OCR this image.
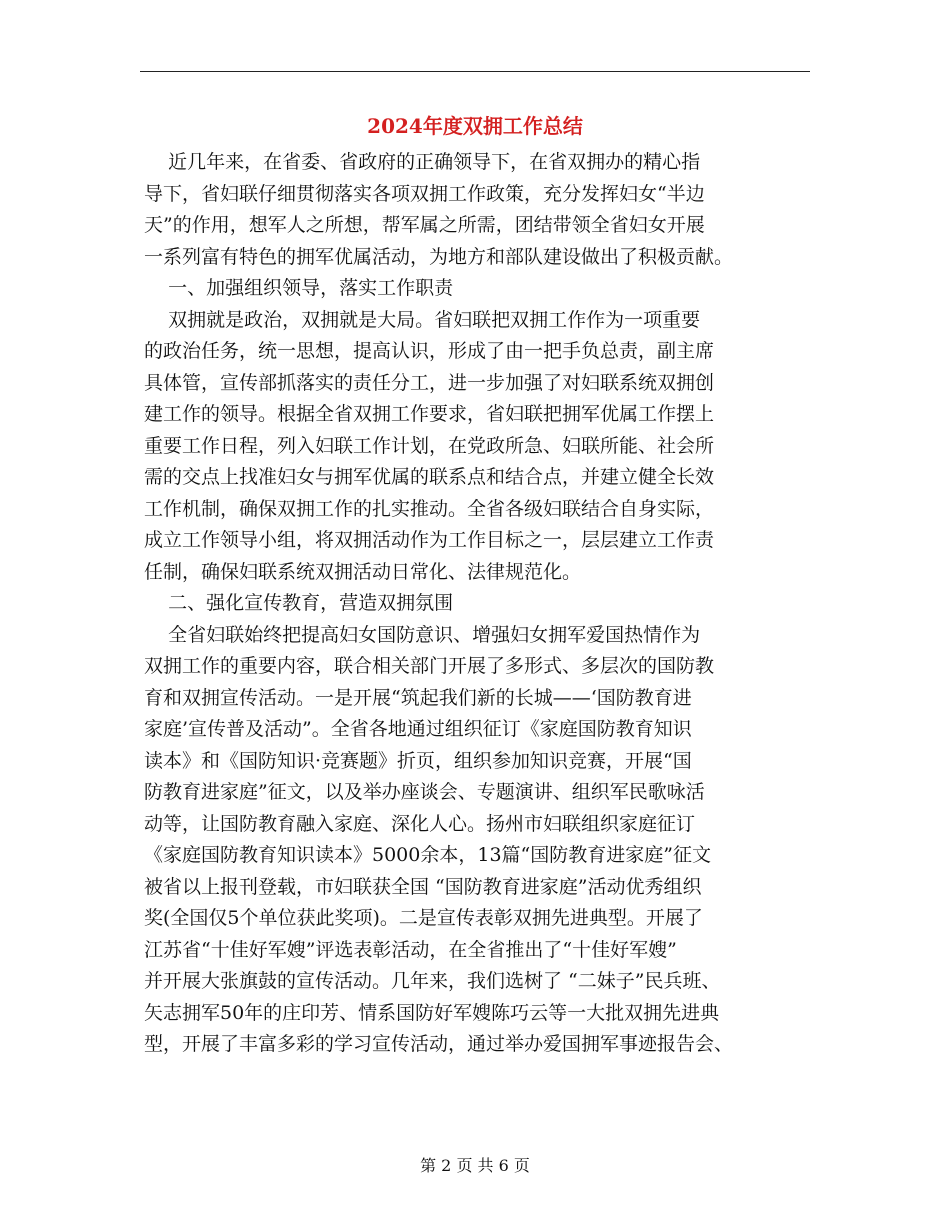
2024年度双拥工作总结
近几年来，在省委、省政府的正确领导下，在省双拥办的精心指
导下，省妇联仔细贯彻落实各项双拥工作政策，充分发挥妇女“半边
天”的作用，想军人之所想，帮军属之所需，团结带领全省妇女开展
一系列富有特色的拥军优属活动，为地方和部队建设做出了积极贡献。
一、加强组织领导，落实工作职责
双拥就是政治，双拥就是大局。省妇联把双拥工作作为一项重要
的政治任务，统一思想，提高认识，形成了由一把手负总责，副主席
具体管，宣传部抓落实的责任分工，进一步加强了对妇联系统双拥创
建工作的领导。根据全省双拥工作要求，省妇联把拥军优属工作摆上
重要工作日程，列入妇联工作计划，在党政所急、妇联所能、社会所
需的交点上找准妇女与拥军优属的联系点和结合点，并建立健全长效
工作机制，确保双拥工作的扎实推动。全省各级妇联结合自身实际，
成立工作领导小组，将双拥活动作为工作目标之一，层层建立工作责
任制，确保妇联系统双拥活动日常化、法律规范化。
二、强化宣传教育，营造双拥氛围
全省妇联始终把提高妇女国防意识、增强妇女拥军爱国热情作为
双拥工作的重要内容，联合相关部门开展了多形式、多层次的国防教
育和双拥宣传活动。一是开展“筑起我们新的长城——‘国防教育进
家庭’宣传普及活动”。全省各地通过组织征订《家庭国防教育知识
读本》和《国防知识·竞赛题》折页，组织参加知识竞赛，开展“国
防教育进家庭”征文，以及举办座谈会、专题演讲、组织军民歌咏活
动等，让国防教育融入家庭、深化人心。扬州市妇联组织家庭征订
《家庭国防教育知识读本》5000余本，13篇“国防教育进家庭”征文
被省以上报刊登载，市妇联获全国 “国防教育进家庭”活动优秀组织
奖(全国仅5个单位获此奖项)。二是宣传表彰双拥先进典型。开展了
江苏省“十佳好军嫂”评选表彰活动，在全省推出了“十佳好军嫂”
并开展大张旗鼓的宣传活动。几年来，我们选树了 “二妹子”民兵班、
矢志拥军50年的庄印芳、情系国防好军嫂陈巧云等一大批双拥先进典
型，开展了丰富多彩的学习宣传活动，通过举办爱国拥军事迹报告会、
第 2 页 共 6 页
